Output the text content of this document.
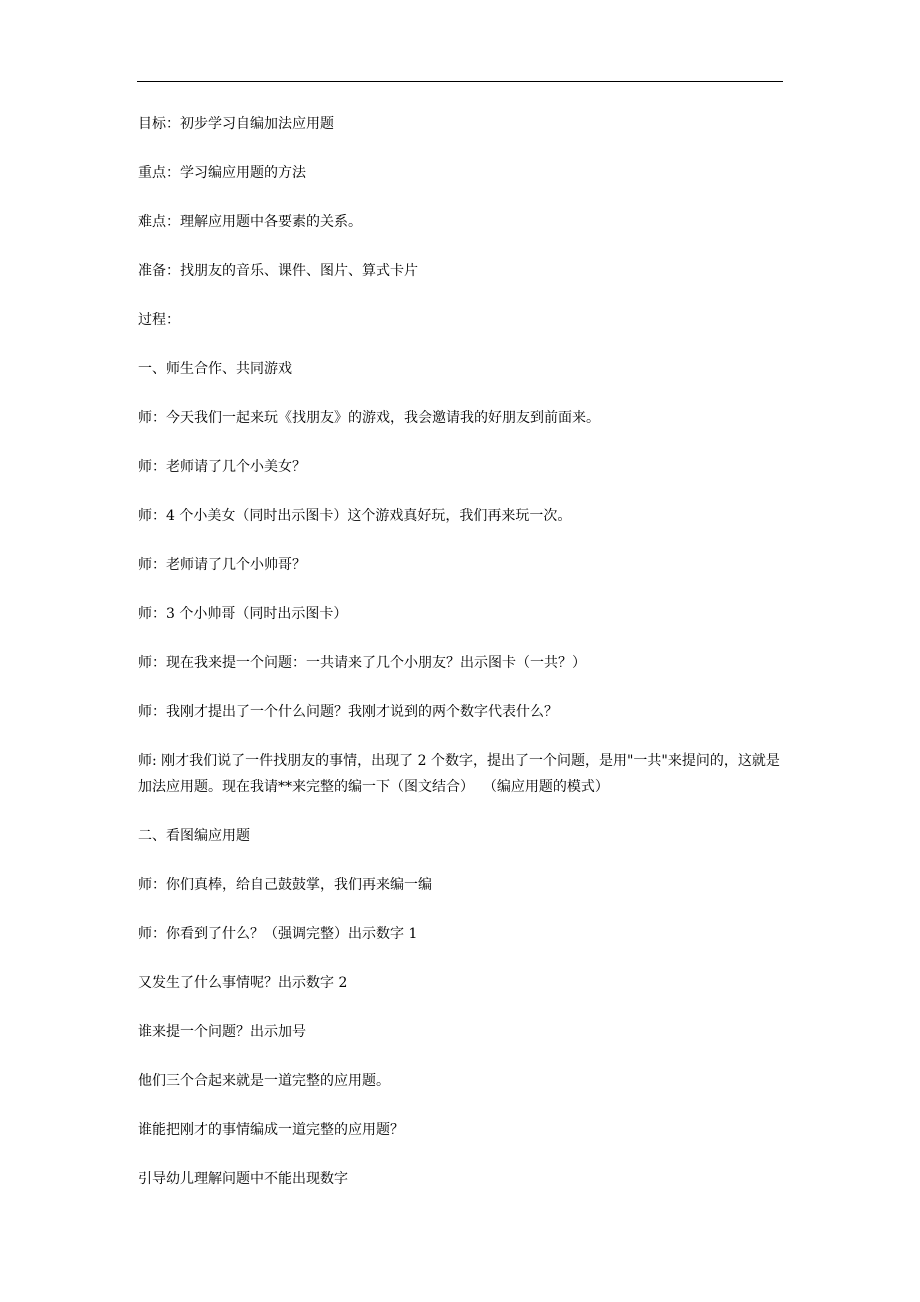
目标：初步学习自编加法应用题

重点：学习编应用题的方法

难点：理解应用题中各要素的关系。

准备：找朋友的音乐、课件、图片、算式卡片

过程：

一、师生合作、共同游戏

师：今天我们一起来玩《找朋友》的游戏，我会邀请我的好朋友到前面来。

师：老师请了几个小美女？

师：4 个小美女（同时出示图卡）这个游戏真好玩，我们再来玩一次。

师：老师请了几个小帅哥？

师：3 个小帅哥（同时出示图卡）

师：现在我来提一个问题：一共请来了几个小朋友？出示图卡（一共？）

师：我刚才提出了一个什么问题？我刚才说到的两个数字代表什么？

师: 刚才我们说了一件找朋友的事情，出现了 2 个数字，提出了一个问题，是用"一共"来提问的，这就是加法应用题。现在我请**来完整的编一下（图文结合）  （编应用题的模式）

二、看图编应用题

师：你们真棒，给自己鼓鼓掌，我们再来编一编

师：你看到了什么？（强调完整）出示数字 1

又发生了什么事情呢？出示数字 2

谁来提一个问题？出示加号

他们三个合起来就是一道完整的应用题。

谁能把刚才的事情编成一道完整的应用题？

引导幼儿理解问题中不能出现数字
